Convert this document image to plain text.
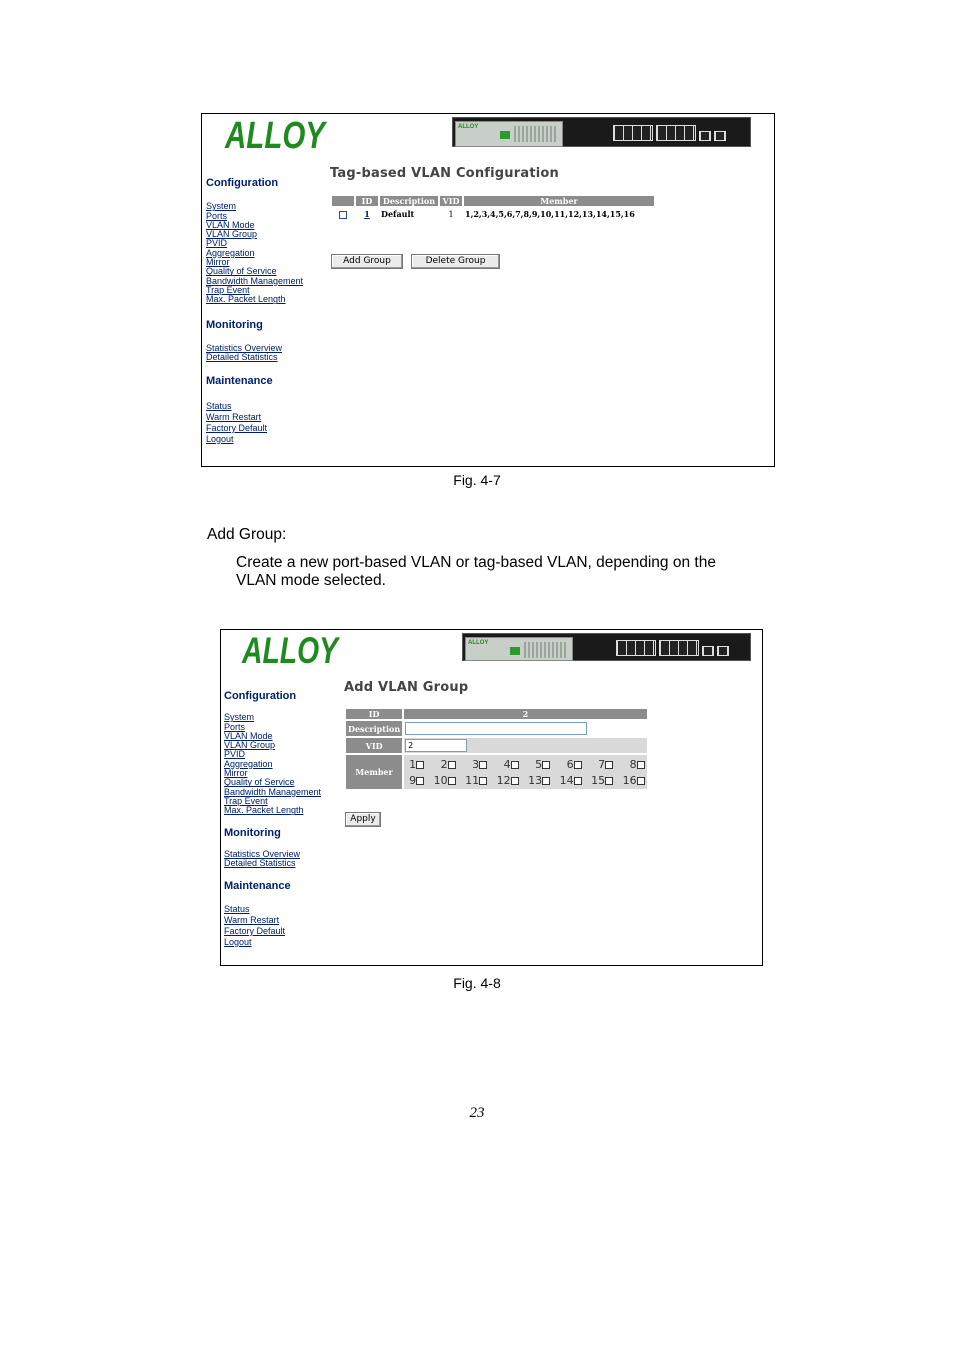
ALLOY	ALLOY
Configuration
System
Ports
VLAN Mode
VLAN Group
PVID
Aggregation
Mirror
Quality of Service
Bandwidth Management
Trap Event
Max. Packet Length
Monitoring
Statistics Overview
Detailed Statistics
Maintenance
Status
Warm Restart
Factory Default
Logout
Tag-based VLAN Configuration
	ID	Description	VID	Member
	1	Default	1	1,2,3,4,5,6,7,8,9,10,11,12,13,14,15,16
Add Group	Delete Group
Fig. 4-7
Add Group:
Create a new port-based VLAN or tag-based VLAN, depending on the
VLAN mode selected.
ALLOY	ALLOY
Configuration
System
Ports
VLAN Mode
VLAN Group
PVID
Aggregation
Mirror
Quality of Service
Bandwidth Management
Trap Event
Max. Packet Length
Monitoring
Statistics Overview
Detailed Statistics
Maintenance
Status
Warm Restart
Factory Default
Logout
Add VLAN Group
ID	2
Description	

VID	2

Member	1 2 3 4 5 6 7 8
9 10 11 12 13 14 15 16
Apply
Fig. 4-8
23
